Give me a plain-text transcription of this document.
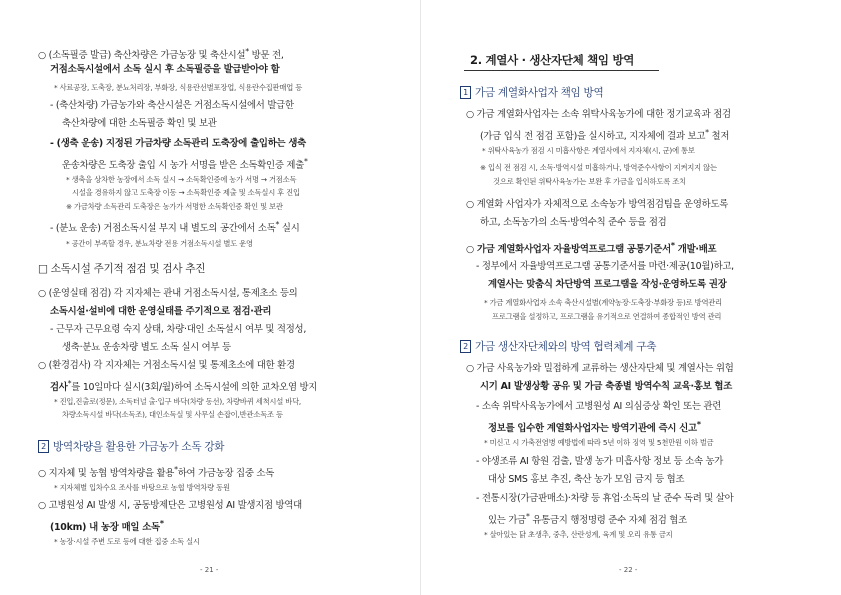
○ (소독필증 발급) 축산차량은 가금농장 및 축산시설* 방문 전,
거점소독시설에서 소독 실시 후 소독필증을 발급받아야 함
* 사료공장, 도축장, 분뇨처리장, 부화장, 식용란선별포장업, 식용란수집판매업 등
- (축산차량) 가금농가와 축산시설은 거점소독시설에서 발급한
축산차량에 대한 소독필증 확인 및 보관
- (생축 운송) 지정된 가금차량 소독관리 도축장에 출입하는 생축
운송차량은 도축장 출입 시 농가 서명을 받은 소독확인증 제출*
* 생축을 상차한 농장에서 소독 실시 → 소독확인증에 농가 서명 → 거점소독
시설을 경유하지 않고 도축장 이동 → 소독확인증 제출 및 소독실시 후 진입
※ 가금차량 소독관리 도축장은 농가가 서명한 소독확인증 확인 및 보관
- (분뇨 운송) 거점소독시설 부지 내 별도의 공간에서 소독* 실시
* 공간이 부족할 경우, 분뇨차량 전용 거점소독시설 별도 운영
□ 소독시설 주기적 점검 및 검사 추진
○ (운영실태 점검) 각 지자체는 관내 거점소독시설, 통제초소 등의
소독시설·설비에 대한 운영실태를 주기적으로 점검·관리
- 근무자 근무요령 숙지 상태, 차량·대인 소독설시 여부 및 적정성,
생축·분뇨 운송차량 별도 소독 실시 여부 등
○ (환경검사) 각 지자체는 거점소독시설 및 통제초소에 대한 환경
검사*를 10일마다 실시(3회/월)하여 소독시설에 의한 교차오염 방지
* 진입,진출로(정문), 소독터널 출·입구 바닥(차량 동선), 차량바퀴 세척시설 바닥,
차량소독시설 바닥(소독조), 대인소독실 및 사무실 손잡이,반관소독조 등
2 방역차량을 활용한 가금농가 소독 강화
○ 지자체 및 농협 방역차량을 활용*하여 가금농장 집중 소독
* 지자체별 입차수요 조사를 바탕으로 농협 방역차량 동원
○ 고병원성 AI 발생 시, 공동방제단은 고병원성 AI 발생지점 방역대
(10km) 내 농장 매일 소독*
* 농장·시설 주변 도로 등에 대한 집중 소독 실시
- 21 -
2. 계열사 · 생산자단체 책임 방역
1 가금 계열화사업자 책임 방역
○ 가금 계열화사업자는 소속 위탁사육농가에 대한 정기교육과 점검
(가금 입식 전 점검 포함)을 실시하고, 지자체에 결과 보고* 철저
* 위탁사육농가 점검 시 미흡사항은 계열사에서 지자체(시, 군)에 통보
※ 입식 전 점검 시, 소독·방역시설 미흡하거나, 방역준수사항이 지켜지지 않는
것으로 확인된 위탁사육농가는 보완 후 가금을 입식하도록 조치
○ 계열화 사업자가 자체적으로 소속농가 방역점검팀을 운영하도록
하고, 소독농가의 소독·방역수칙 준수 등을 점검
○ 가금 계열화사업자 자율방역프로그램 공통기준서* 개발·배포
- 정부에서 자율방역프로그램 공통기준서를 마련·제공(10월)하고,
계열사는 맞춤식 차단방역 프로그램을 작성·운영하도록 권장
* 가금 계열화사업자 소속 축산시설별(계약농장·도축장·부화장 등)로 방역관리
프로그램을 설정하고, 프로그램을 유기적으로 연결하여 종합적인 방역 관리
2 가금 생산자단체와의 방역 협력체계 구축
○ 가금 사육농가와 밀접하게 교류하는 생산자단체 및 계열사는 위험
시기 AI 발생상황 공유 및 가금 축종별 방역수칙 교육·홍보 협조
- 소속 위탁사육농가에서 고병원성 AI 의심증상 확인 또는 관련
정보를 입수한 계열화사업자는 방역기관에 즉시 신고*
* 미신고 시 가축전염병 예방법에 따라 5년 이하 징역 및 5천만원 이하 벌금
- 야생조류 AI 항원 검출, 발생 농가 미흡사항 정보 등 소속 농가
대상 SMS 홍보 추진, 축산 농가 모임 금지 등 협조
- 전통시장(가금판매소)·차량 등 휴업·소독의 날 준수 독려 및 살아
있는 가금* 유통금지 행정명령 준수 자체 점검 협조
* 살아있는 닭 초생추, 중추, 산란성계, 육계 및 오리 유통 금지
- 22 -
